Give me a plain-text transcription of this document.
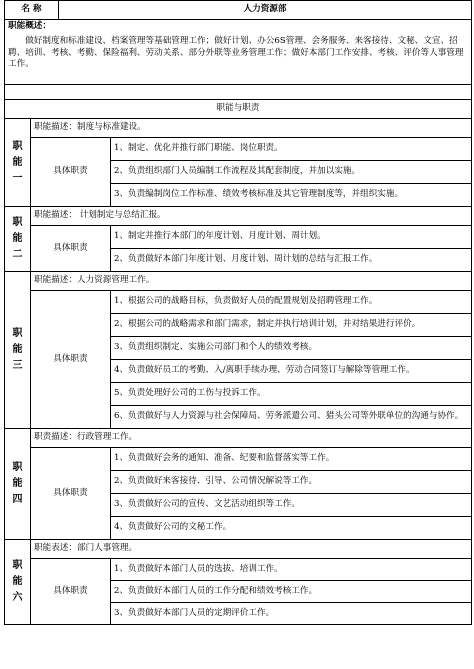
名 称		人力资源部	
职能概述：			
做好制度和标准建设、档案管理等基础管理工作；做好计划、办公6S管理、会务服务、来客接待、文秘、文宣、招聘、培训、考核、考勤、保险福利、劳动关系、部分外联等业务管理工作；做好本部门工作安排、考核、评价等人事管理工作。			

职能与职责			
职
能
一	职能描述：制度与标准建设。		
	具体职责		1、制定、优化并推行部门职能、岗位职责。
			2、负责组织部门人员编制工作流程及其配套制度，并加以实施。
			3、负责编制岗位工作标准、绩效考核标准及其它管理制度等，并组织实施。
职
能
二	职能描述： 计划制定与总结汇报。		
	具体职责		1、制定并推行本部门的年度计划、月度计划、周计划。
			2、负责做好本部门年度计划、月度计划、周计划的总结与汇报工作。
职
能
三	职能描述：人力资源管理工作。		
	具体职责		1、根据公司的战略目标，负责做好人员的配置规划及招聘管理工作。
			2、根据公司的战略需求和部门需求，制定并执行培训计划，并对结果进行评价。
			3、负责组织制定、实施公司部门和个人的绩效考核。
			4、负责做好员工的考勤、入/离职手续办理、劳动合同签订与解除等管理工作。
			5、负责处理好公司的工伤与投诉工作。
			6、负责做好与人力资源与社会保障局、劳务派遣公司、猎头公司等外联单位的沟通与协作。
职
能
四	职责描述：行政管理工作。		
	具体职责		1、负责做好会务的通知、准备、纪要和监督落实等工作。
			2、负责做好来客接待、引导、公司情况解说等工作。
			3、负责做好公司的宣传、文艺活动组织等工作。
			4、负责做好公司的文秘工作。
职
能
六	职能表述：部门人事管理。		
	具体职责		1、负责做好本部门人员的选拔、培训工作。
			2、负责做好本部门人员的工作分配和绩效考核工作。
			3、负责做好本部门人员的定期评价工作。
